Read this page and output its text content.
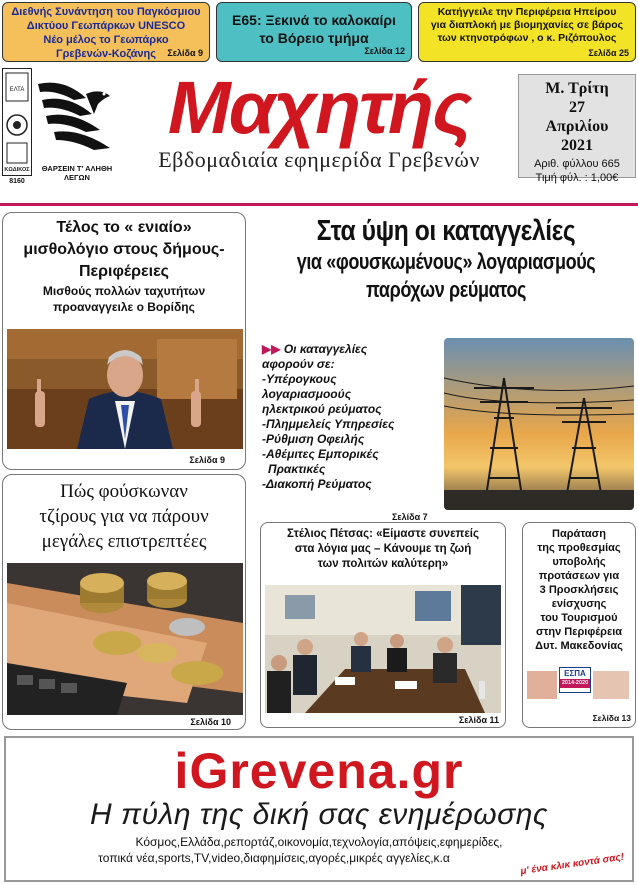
Διεθνής Συνάντηση του Παγκόσμιου
Δικτύου Γεωπάρκων UNESCO
Νέο μέλος το Γεωπάρκο
Γρεβενών-Κοζάνης	Σελίδα 9
Ε65: Ξεκινά το καλοκαίρι
το Βόρειο τμήμα
Σελίδα 12
Κατήγγειλε την Περιφέρεια Ηπείρου
για διαπλοκή με βιομηχανίες σε βάρος
των κτηνοτρόφων , ο κ. Ριζόπουλος
Σελίδα 25
ΕΛΤΑ
ΚΩΔΙΚΟΣ
8160
ΘΑΡΣΕΙΝ Τ' ΑΛΗΘΗ ΛΕΓΩΝ
Μαχητής
Εβδομαδιαία εφημερίδα Γρεβενών
Μ. Τρίτη
27
Απριλίου
2021
Αριθ. φύλλου 665
Τιμή φύλ. : 1,00€
Τέλος το « ενιαίο»
μισθολόγιο στους δήμους-
Περιφέρειες
Μισθούς πολλών ταχυτήτων
προαναγγειλε ο Βορίδης
Σελίδα 9
Πώς φούσκωναν
τζίρους για να πάρουν
μεγάλες επιστρεπτέες
Σελίδα 10
Στα ύψη οι καταγγελίες
για «φουσκωμένους» λογαριασμούς
παρόχων ρεύματος
▶▶ Οι καταγγελίες
αφορούν σε:
-Υπέρογκους
λογαριασμοούς
ηλεκτρικού ρεύματος
-Πλημμελείς Υπηρεσίες
-Ρύθμιση Οφειλής
-Αθέμιτες Εμπορικές
Πρακτικές
-Διακοπή Ρεύματος
Σελίδα 7
Στέλιος Πέτσας: «Είμαστε συνεπείς
στα λόγια μας – Κάνουμε τη ζωή
των πολιτών καλύτερη»
Σελίδα 11
Παράταση
της προθεσμίας
υποβολής
προτάσεων για
3 Προσκλήσεις
ενίσχυσης
του Τουρισμού
στην Περιφέρεια
Δυτ. Μακεδονίας
ΕΣΠΑ
2014-2020
Σελίδα 13
iGrevena.gr
Η πύλη της δική σας ενημέρωσης
Κόσμος,Ελλάδα,ρεπορτάζ,οικονομία,τεχνολογία,απόψεις,εφημερίδες,
τοπικά νέα,sports,TV,video,διαφημίσεις,αγορές,μικρές αγγελίες,κ.α	μ' ένα κλικ κοντά σας!
